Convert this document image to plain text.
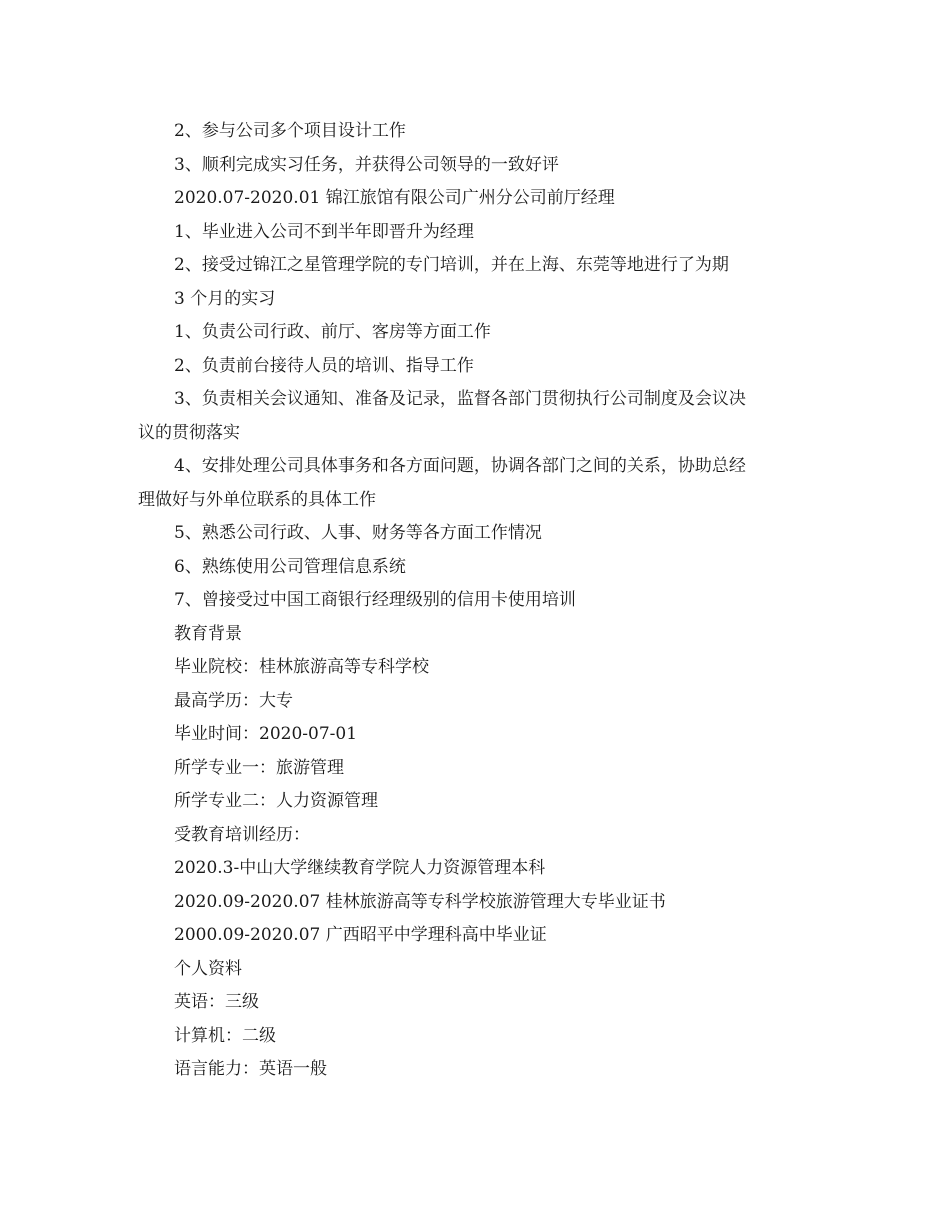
2、参与公司多个项目设计工作
3、顺利完成实习任务，并获得公司领导的一致好评
2020.07-2020.01 锦江旅馆有限公司广州分公司前厅经理
1、毕业进入公司不到半年即晋升为经理
2、接受过锦江之星管理学院的专门培训，并在上海、东莞等地进行了为期
3 个月的实习
1、负责公司行政、前厅、客房等方面工作
2、负责前台接待人员的培训、指导工作
3、负责相关会议通知、准备及记录，监督各部门贯彻执行公司制度及会议决
议的贯彻落实
4、安排处理公司具体事务和各方面问题，协调各部门之间的关系，协助总经
理做好与外单位联系的具体工作
5、熟悉公司行政、人事、财务等各方面工作情况
6、熟练使用公司管理信息系统
7、曾接受过中国工商银行经理级别的信用卡使用培训
教育背景
毕业院校：桂林旅游高等专科学校
最高学历：大专
毕业时间：2020-07-01
所学专业一：旅游管理
所学专业二：人力资源管理
受教育培训经历：
2020.3-中山大学继续教育学院人力资源管理本科
2020.09-2020.07 桂林旅游高等专科学校旅游管理大专毕业证书
2000.09-2020.07 广西昭平中学理科高中毕业证
个人资料
英语：三级
计算机：二级
语言能力：英语一般
